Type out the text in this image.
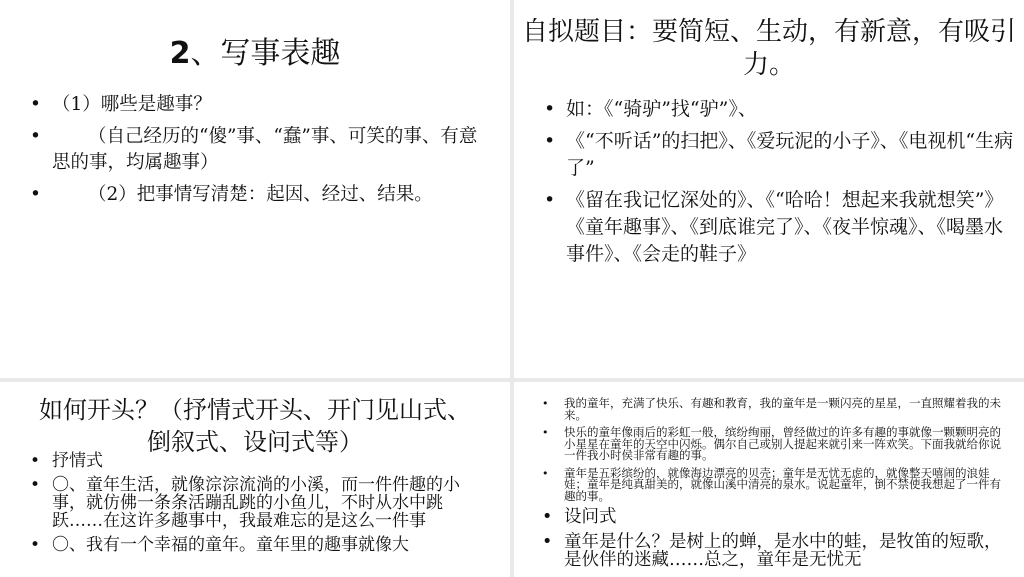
2、写事表趣
• （1）哪些是趣事？
•	（自己经历的“傻”事、“蠢”事、可笑的事、有意思的事，均属趣事）
•	（2）把事情写清楚：起因、经过、结果。
自拟题目：要简短、生动，有新意，有吸引力。
• 如：《“骑驴”找“驴”》、
• 《“不听话”的扫把》、《爱玩泥的小子》、《电视机“生病了”
• 《留在我记忆深处的》、《“哈哈！想起来我就想笑”》《童年趣事》、《到底谁完了》、《夜半惊魂》、《喝墨水事件》、《会走的鞋子》
如何开头？（抒情式开头、开门见山式、倒叙式、设问式等）
• 抒情式
• 〇、童年生活，就像淙淙流淌的小溪，而一件件趣的小事，就仿佛一条条活蹦乱跳的小鱼儿，不时从水中跳跃……在这许多趣事中，我最难忘的是这么一件事
• 〇、我有一个幸福的童年。童年里的趣事就像大
• 我的童年，充满了快乐、有趣和教育，我的童年是一颗闪亮的星星，一直照耀着我的未来。
• 快乐的童年像雨后的彩虹一般，缤纷绚丽，曾经做过的许多有趣的事就像一颗颗明亮的小星星在童年的天空中闪烁。偶尔自己或别人提起来就引来一阵欢笑。下面我就给你说一件我小时侯非常有趣的事。
• 童年是五彩缤纷的，就像海边漂亮的贝壳；童年是无忧无虑的，就像整天嘻闹的浪娃娃；童年是纯真甜美的，就像山溪中清亮的泉水。说起童年，倒不禁使我想起了一件有趣的事。
• 设问式
• 童年是什么？是树上的蝉，是水中的蛙，是牧笛的短歌，是伙伴的迷藏……总之，童年是无忧无
